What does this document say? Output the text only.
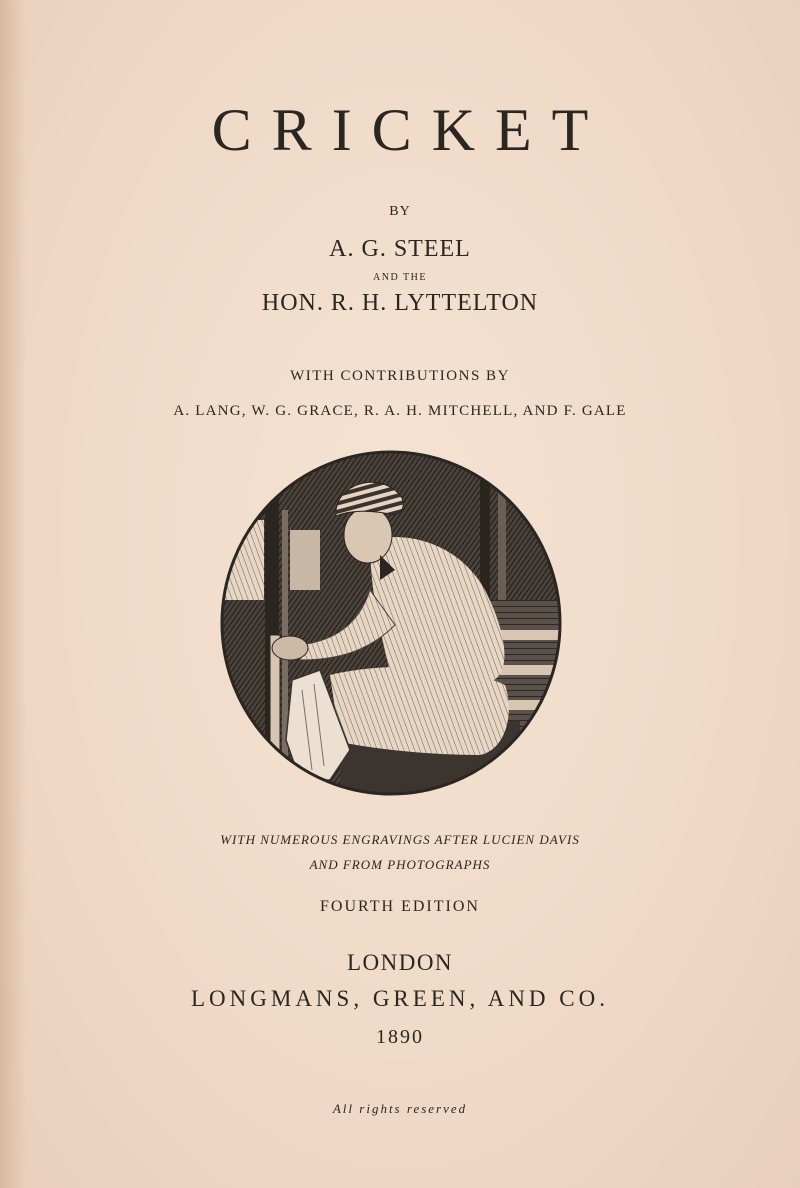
CRICKET
BY
A. G. STEEL
AND THE
HON. R. H. LYTTELTON
WITH CONTRIBUTIONS BY
A. LANG, W. G. GRACE, R. A. H. MITCHELL, AND F. GALE
WITH NUMEROUS ENGRAVINGS AFTER LUCIEN DAVIS
AND FROM PHOTOGRAPHS
FOURTH EDITION
LONDON
LONGMANS, GREEN, AND CO.
1890
All rights reserved
